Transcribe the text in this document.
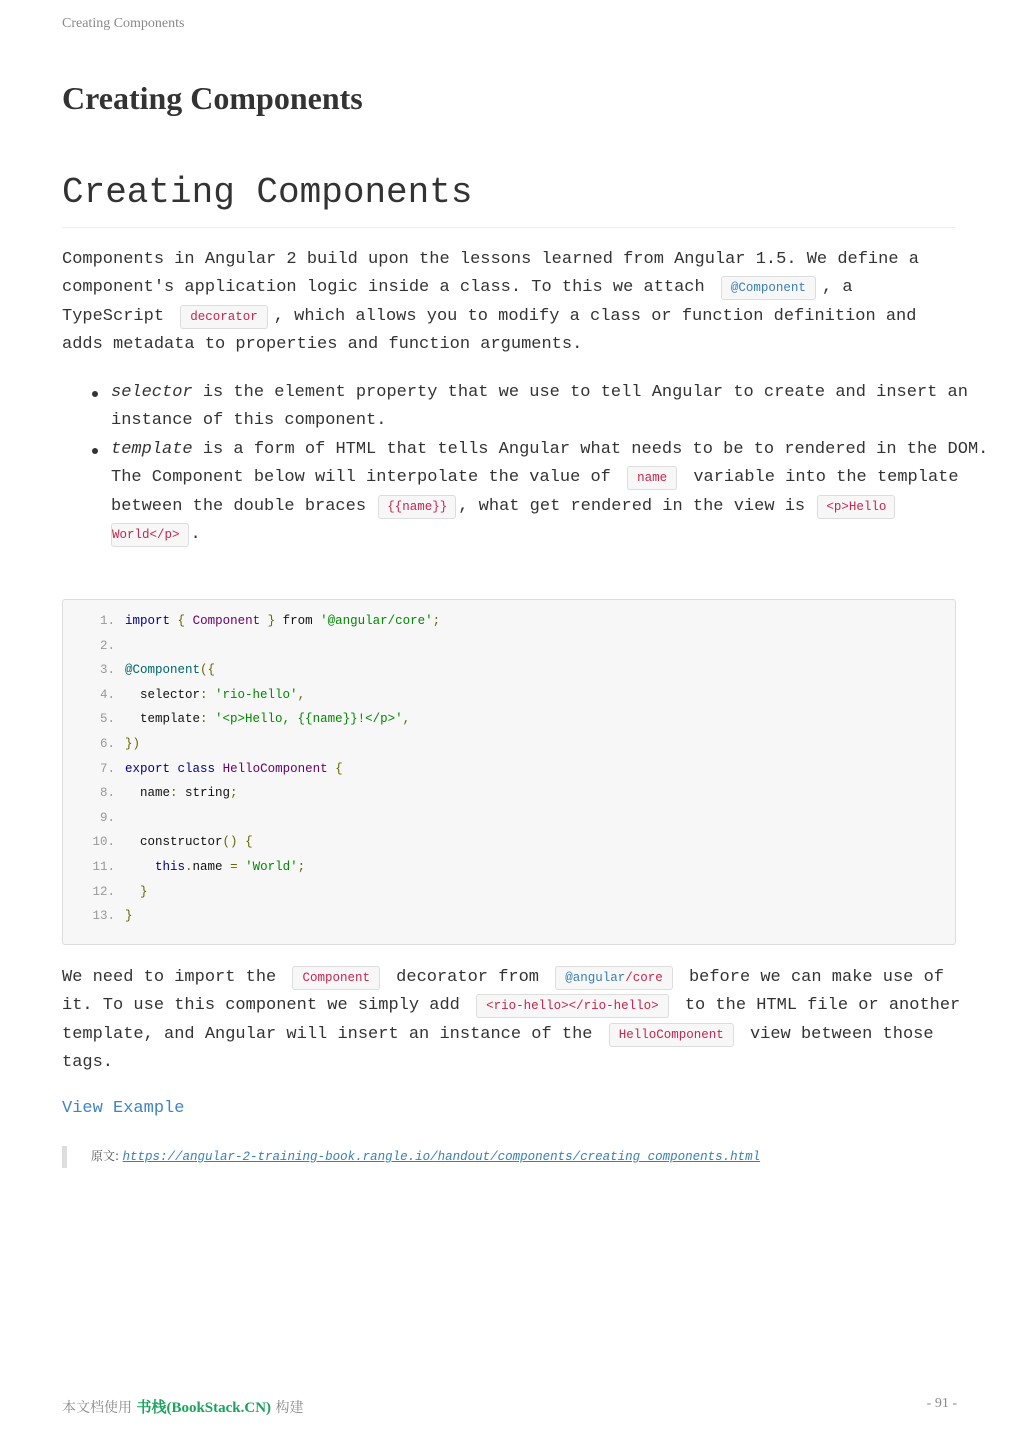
Creating Components
Creating Components
Creating Components

Components in Angular 2 build upon the lessons learned from Angular 1.5. We define a component's application logic inside a class. To this we attach @Component , a TypeScript decorator , which allows you to modify a class or function definition and adds metadata to properties and function arguments.

selector is the element property that we use to tell Angular to create and insert an instance of this component.
template is a form of HTML that tells Angular what needs to be to rendered in the DOM.
The Component below will interpolate the value of name variable into the template between the double braces {{name}} , what get rendered in the view is <p>Hello
World</p> .
1 . import { Component } from '@angular/core';
2 .
3 . @Component({
4 .  selector: 'rio-hello',
5 .  template: '<p>Hello, {{name}}!</p>',
6 . })
7 . export class HelloComponent {
8 .  name: string;
9 .
10 .  constructor() {
11 .	this.name = 'World';
12 .	}
13 . }

We need to import the Component decorator from @angular/core before we can make use of it. To use this component we simply add <rio-hello></rio-hello> to the HTML file or another template, and Angular will insert an instance of the HelloComponent view between those tags.

View Example
原文: https://angular-2-training-book.rangle.io/handout/components/creating_components.html
本文档使用 书栈(BookStack.CN) 构建	- 91 -
